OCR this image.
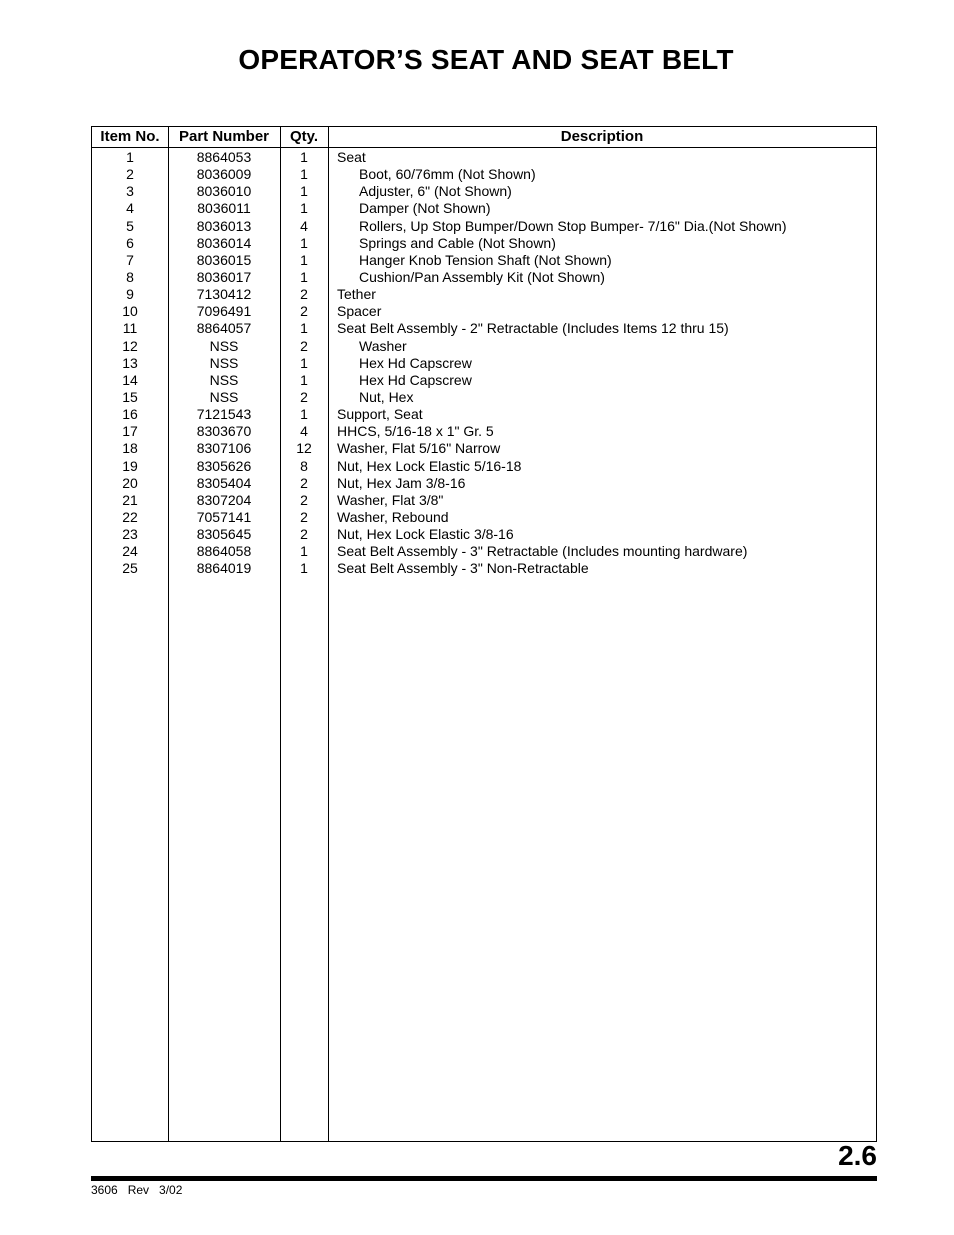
OPERATOR’S SEAT AND SEAT BELT
Item No.	Part Number	Qty.	Description
1	8864053	1	Seat
2	8036009	1	Boot, 60/76mm (Not Shown)
3	8036010	1	Adjuster, 6" (Not Shown)
4	8036011	1	Damper (Not Shown)
5	8036013	4	Rollers, Up Stop Bumper/Down Stop Bumper- 7/16" Dia.(Not Shown)
6	8036014	1	Springs and Cable (Not Shown)
7	8036015	1	Hanger Knob Tension Shaft (Not Shown)
8	8036017	1	Cushion/Pan Assembly Kit (Not Shown)
9	7130412	2	Tether
10	7096491	2	Spacer
11	8864057	1	Seat Belt Assembly - 2" Retractable (Includes Items 12 thru 15)
12	NSS	2	Washer
13	NSS	1	Hex Hd Capscrew
14	NSS	1	Hex Hd Capscrew
15	NSS	2	Nut, Hex
16	7121543	1	Support, Seat
17	8303670	4	HHCS, 5/16-18 x 1" Gr. 5
18	8307106	12	Washer, Flat 5/16" Narrow
19	8305626	8	Nut, Hex Lock Elastic 5/16-18
20	8305404	2	Nut, Hex Jam 3/8-16
21	8307204	2	Washer, Flat 3/8"
22	7057141	2	Washer, Rebound
23	8305645	2	Nut, Hex Lock Elastic 3/8-16
24	8864058	1	Seat Belt Assembly - 3" Retractable (Includes mounting hardware)
25	8864019	1	Seat Belt Assembly - 3" Non-Retractable
2.6
3606   Rev   3/02
